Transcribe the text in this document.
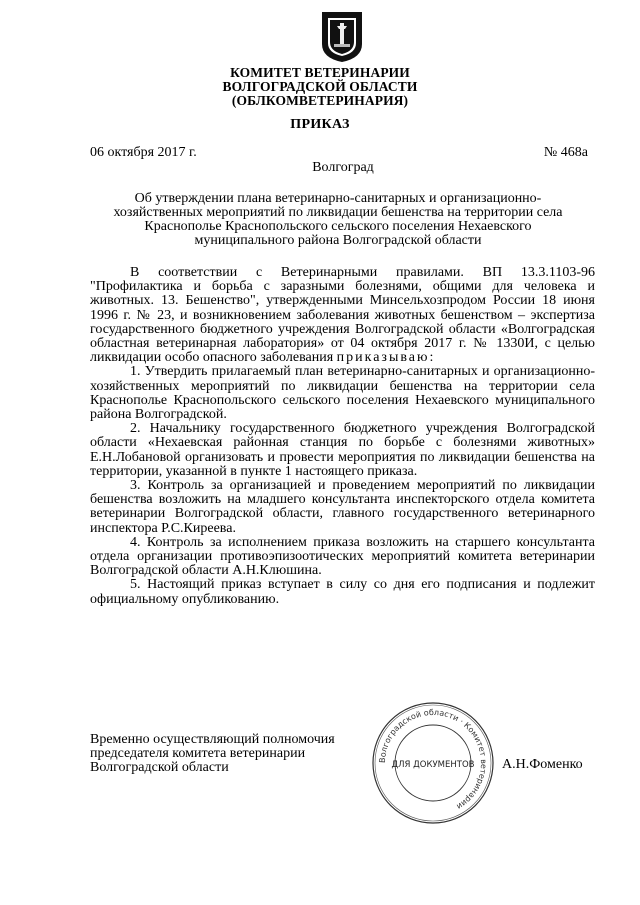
КОМИТЕТ ВЕТЕРИНАРИИ
ВОЛГОГРАДСКОЙ ОБЛАСТИ
(ОБЛКОМВЕТЕРИНАРИЯ)
ПРИКАЗ
06 октября 2017 г.	№ 468а
Волгоград
Об утверждении плана ветеринарно-санитарных и организационно-
хозяйственных мероприятий по ликвидации бешенства на территории села
Краснополье Краснопольского сельского поселения Нехаевского
муниципального района Волгоградской области

В соответствии с Ветеринарными правилами. ВП 13.3.1103-96 "Профилактика и борьба с заразными болезнями, общими для человека и животных. 13. Бешенство", утвержденными Минсельхозпродом России 18 июня 1996 г. № 23, и возникновением заболевания животных бешенством – экспертиза государственного бюджетного учреждения Волгоградской области «Волгоградская областная ветеринарная лаборатория» от 04 октября 2017 г. № 1330И, с целью ликвидации особо опасного заболевания приказываю:

1. Утвердить прилагаемый план ветеринарно-санитарных и организационно-хозяйственных мероприятий по ликвидации бешенства на территории села Краснополье Краснопольского сельского поселения Нехаевского муниципального района Волгоградской.

2. Начальнику государственного бюджетного учреждения Волгоградской области «Нехаевская районная станция по борьбе с болезнями животных» Е.Н.Лобановой организовать и провести мероприятия по ликвидации бешенства на территории, указанной в пункте 1 настоящего приказа.

3. Контроль за организацией и проведением мероприятий по ликвидации бешенства возложить на младшего консультанта инспекторского отдела комитета ветеринарии Волгоградской области, главного государственного ветеринарного инспектора Р.С.Киреева.

4. Контроль за исполнением приказа возложить на старшего консультанта отдела организации противоэпизоотических мероприятий комитета ветеринарии Волгоградской области А.Н.Клюшина.

5. Настоящий приказ вступает в силу со дня его подписания и подлежит официальному опубликованию.

Временно осуществляющий полномочия
председателя комитета ветеринарии
Волгоградской области	Волгоградской области · Комитет ветеринарии
ДЛЯ ДОКУМЕНТОВ А.Н.Фоменко
